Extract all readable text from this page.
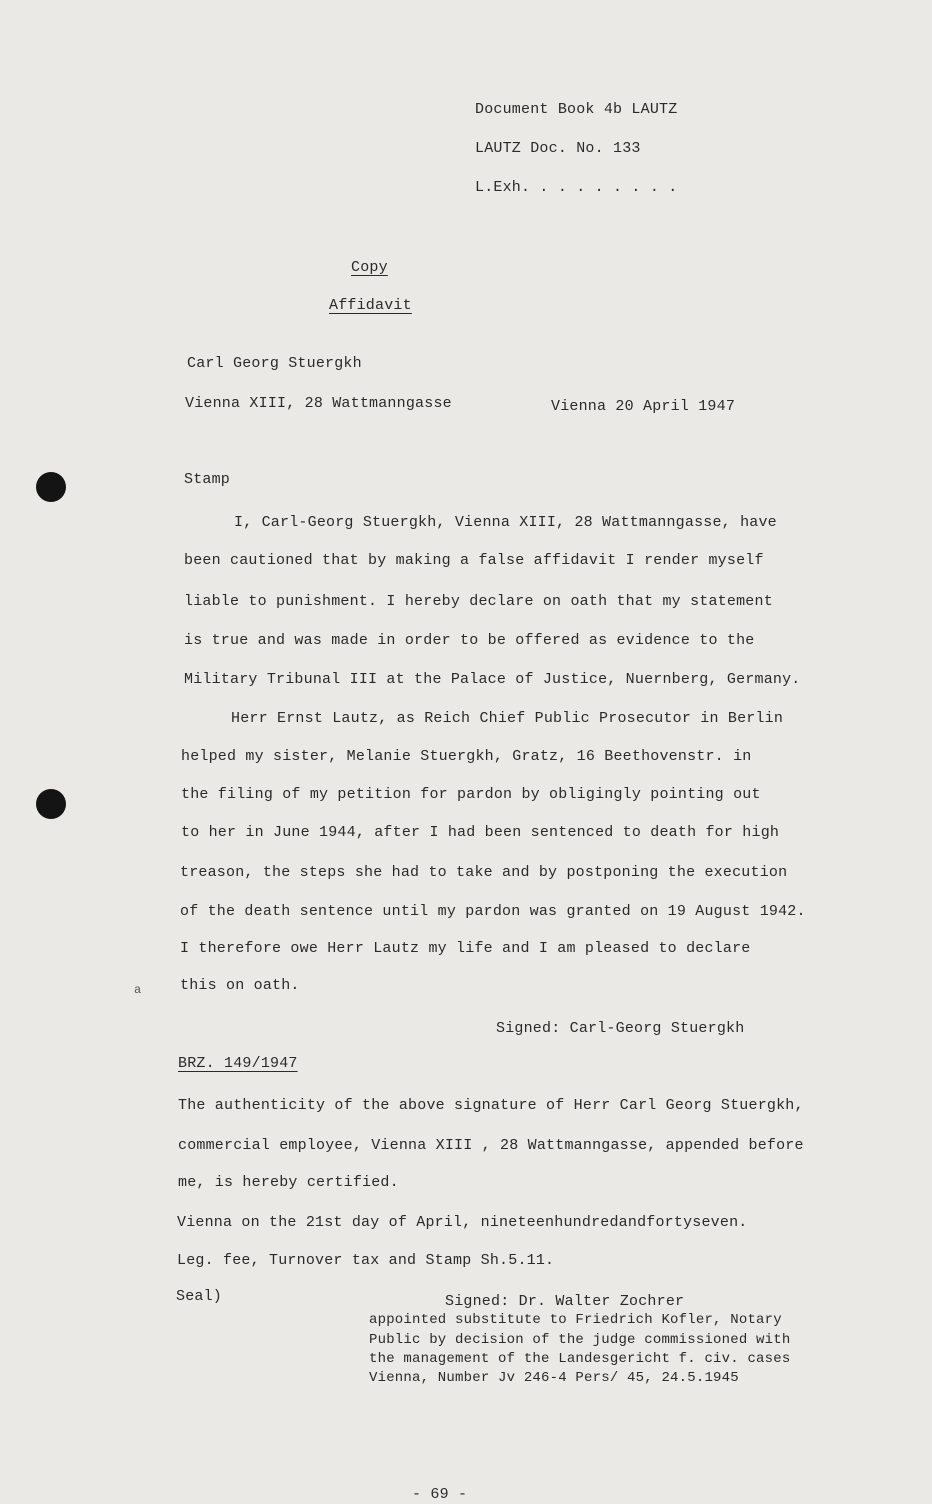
Document Book 4b LAUTZ
LAUTZ Doc. No. 133
L.Exh. . . . . . . . .
Copy
Affidavit
Carl Georg Stuergkh
Vienna XIII, 28 Wattmanngasse	Vienna 20 April 1947
Stamp
I, Carl-Georg Stuergkh, Vienna XIII, 28 Wattmanngasse, have
been cautioned that by making a false affidavit I render myself
liable to punishment. I hereby declare on oath that my statement
is true and was made in order to be offered as evidence to the
Military Tribunal III at the Palace of Justice, Nuernberg, Germany.
Herr Ernst Lautz, as Reich Chief Public Prosecutor in Berlin
helped my sister, Melanie Stuergkh, Gratz, 16 Beethovenstr. in
the filing of my petition for pardon by obligingly pointing out
to her in June 1944, after I had been sentenced to death for high
treason, the steps she had to take and by postponing the execution
of the death sentence until my pardon was granted on 19 August 1942.
I therefore owe Herr Lautz my life and I am pleased to declare
this on oath.
a
Signed: Carl-Georg Stuergkh
BRZ. 149/1947
The authenticity of the above signature of Herr Carl Georg Stuergkh,
commercial employee, Vienna XIII , 28 Wattmanngasse, appended before
me, is hereby certified.
Vienna on the 21st day of April, nineteenhundredandfortyseven.
Leg. fee, Turnover tax and Stamp Sh.5.11.
Seal)	Signed: Dr. Walter Zochrer
appointed substitute to Friedrich Kofler, Notary
Public by decision of the judge commissioned with
the management of the Landesgericht f. civ. cases
Vienna, Number Jv 246-4 Pers/ 45, 24.5.1945
- 69 -
